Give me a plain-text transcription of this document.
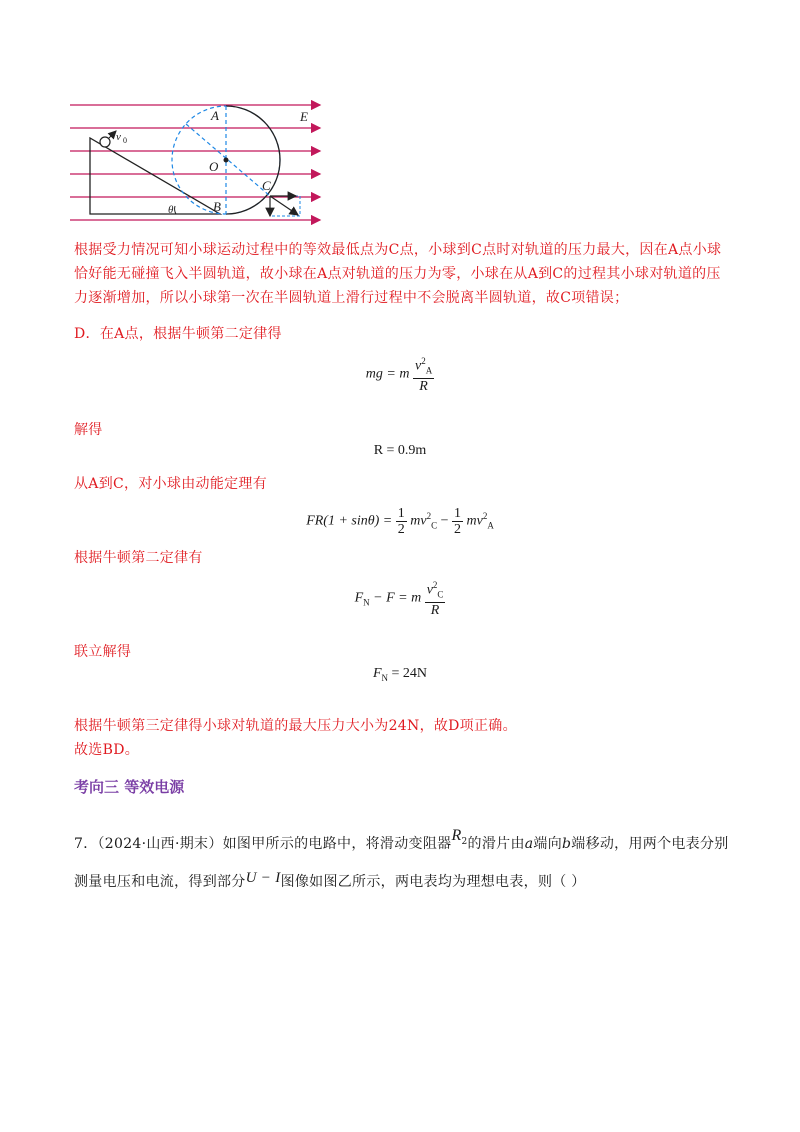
v 0
θ
A	E
O
C
B
根据受力情况可知小球运动过程中的等效最低点为C点，小球到C点时对轨道的压力最大，因在A点小球恰好能无碰撞飞入半圆轨道，故小球在A点对轨道的压力为零，小球在从A到C的过程其小球对轨道的压力逐渐增加，所以小球第一次在半圆轨道上滑行过程中不会脱离半圆轨道，故C项错误；
D．在A点，根据牛顿第二定律得
mg = m $\frac{v^2_A}{R}$
解得
R = 0.9m
从A到C，对小球由动能定理有
$FR(1 + \sin\theta) = \frac{1}{2} mv^2_C - \frac{1}{2} mv^2_A$
根据牛顿第二定律有
$F_N - F = m \frac{v^2_C}{R}$
联立解得
$F_N = 24N$
根据牛顿第三定律得小球对轨道的最大压力大小为24N，故D项正确。
故选BD。
考向三 等效电源
7．（2024·山西·期末）如图甲所示的电路中，将滑动变阻器$R_2$的滑片由a端向b端移动，用两个电表分别
测量电压和电流，得到部分U − I图像如图乙所示，两电表均为理想电表，则（ ）
